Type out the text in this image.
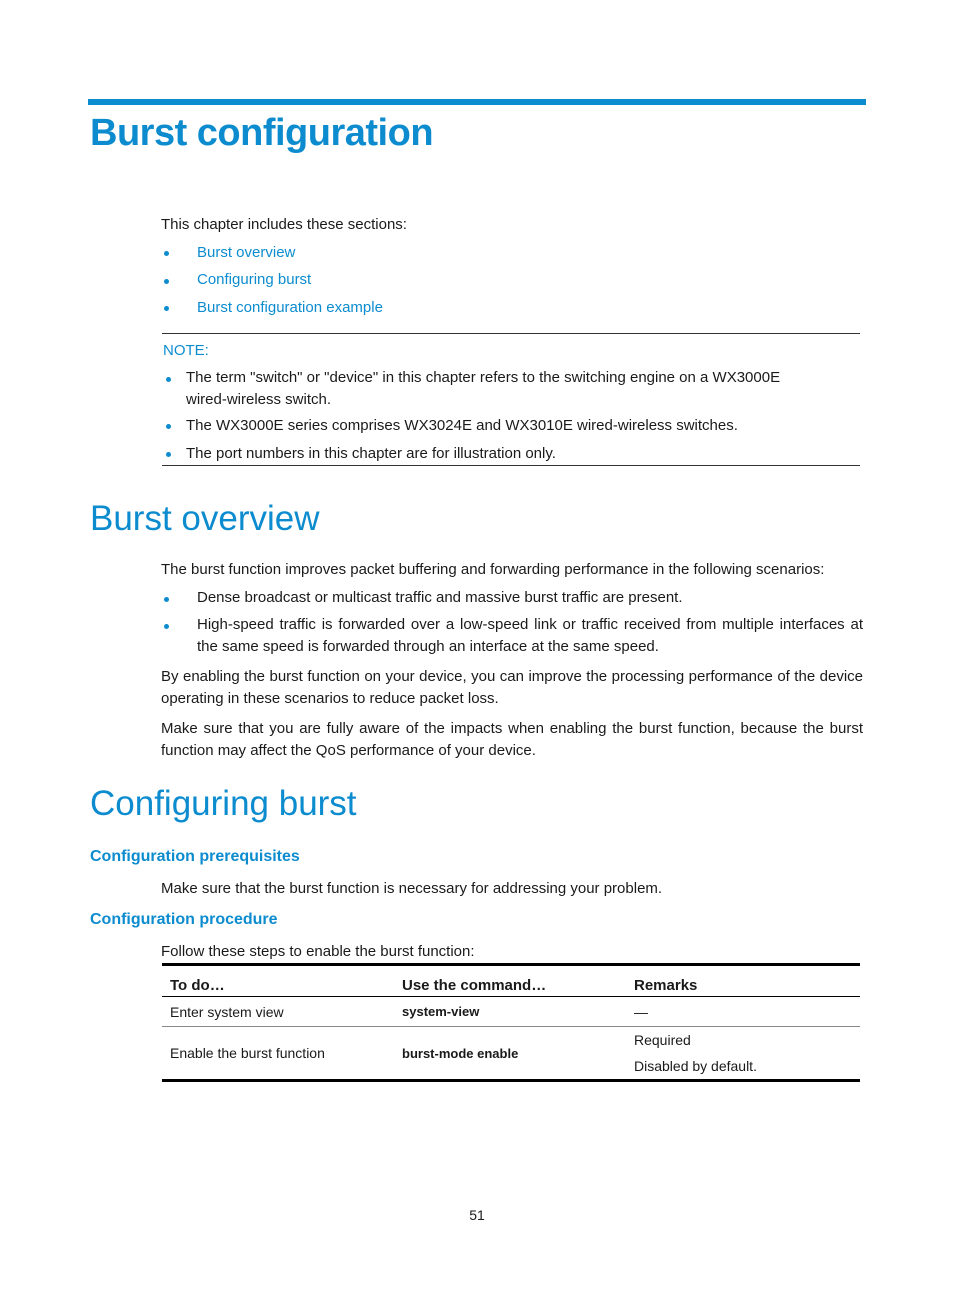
Burst configuration
This chapter includes these sections:
Burst overview
Configuring burst
Burst configuration example
NOTE:
The term "switch" or "device" in this chapter refers to the switching engine on a WX3000E wired-wireless switch.
The WX3000E series comprises WX3024E and WX3010E wired-wireless switches.
The port numbers in this chapter are for illustration only.
Burst overview
The burst function improves packet buffering and forwarding performance in the following scenarios:
Dense broadcast or multicast traffic and massive burst traffic are present.
High-speed traffic is forwarded over a low-speed link or traffic received from multiple interfaces at the same speed is forwarded through an interface at the same speed.
By enabling the burst function on your device, you can improve the processing performance of the device operating in these scenarios to reduce packet loss.
Make sure that you are fully aware of the impacts when enabling the burst function, because the burst function may affect the QoS performance of your device.
Configuring burst
Configuration prerequisites
Make sure that the burst function is necessary for addressing your problem.
Configuration procedure
Follow these steps to enable the burst function:
To do…	Use the command…	Remarks
Enter system view	system-view	—
Enable the burst function	burst-mode enable	Required
Disabled by default.
51
